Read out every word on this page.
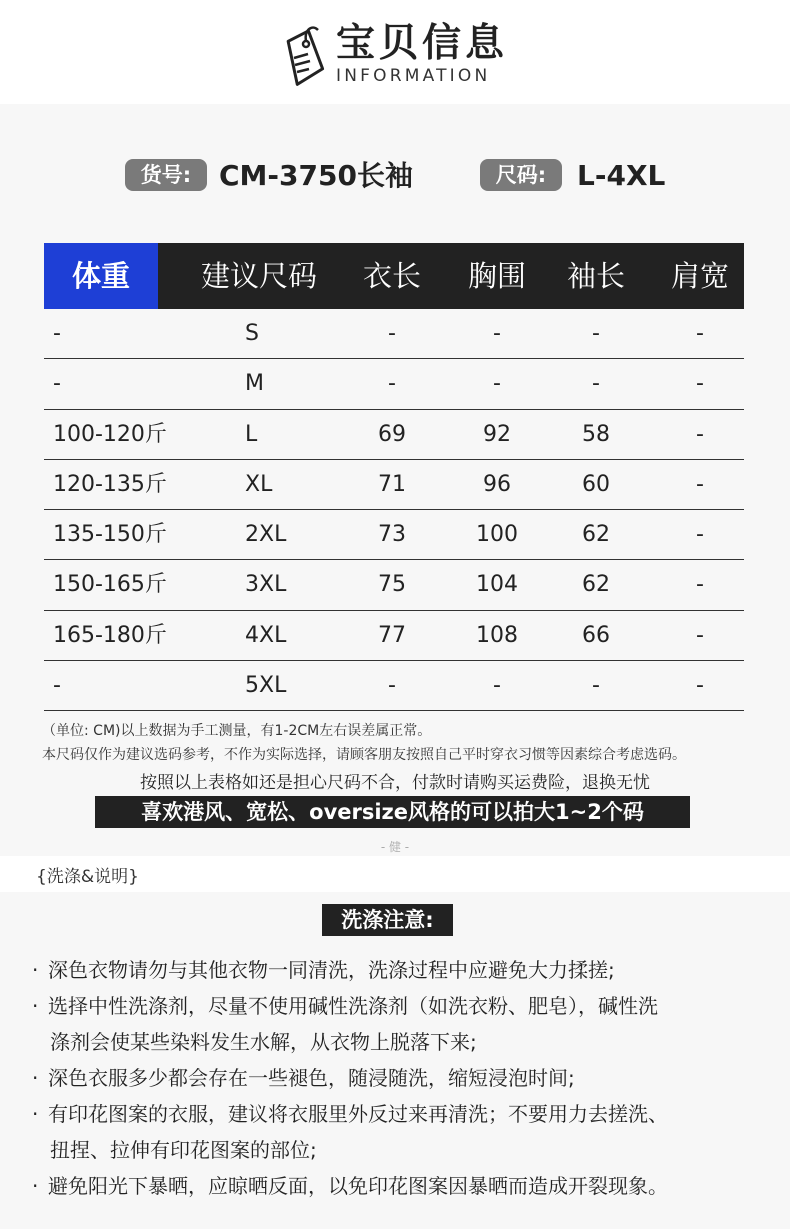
宝贝信息
INFORMATION
货号: CM-3750长袖	尺码:	L-4XL
体重	建议尺码	衣长	胸围	袖长	肩宽
-	S	-	-	-	-
-	M	-	-	-	-
100-120斤	L	69	92	58	-
120-135斤	XL	71	96	60	-
135-150斤	2XL	73	100	62	-
150-165斤	3XL	75	104	62	-
165-180斤	4XL	77	108	66	-
-	5XL	-	-	-	-
（单位: CM)以上数据为手工测量，有1-2CM左右误差属正常。
本尺码仅作为建议选码参考，不作为实际选择，请顾客朋友按照自己平时穿衣习惯等因素综合考虑选码。
按照以上表格如还是担心尺码不合，付款时请购买运费险，退换无忧
喜欢港风、宽松、oversize风格的可以拍大1~2个码
- 健 -
{洗涤&说明}
洗涤注意:
· 深色衣物请勿与其他衣物一同清洗，洗涤过程中应避免大力揉搓;
· 选择中性洗涤剂，尽量不使用碱性洗涤剂（如洗衣粉、肥皂），碱性洗
涤剂会使某些染料发生水解，从衣物上脱落下来;
· 深色衣服多少都会存在一些褪色，随浸随洗，缩短浸泡时间;
· 有印花图案的衣服，建议将衣服里外反过来再清洗；不要用力去搓洗、
扭捏、拉伸有印花图案的部位;
· 避免阳光下暴晒，应晾晒反面，以免印花图案因暴晒而造成开裂现象。
